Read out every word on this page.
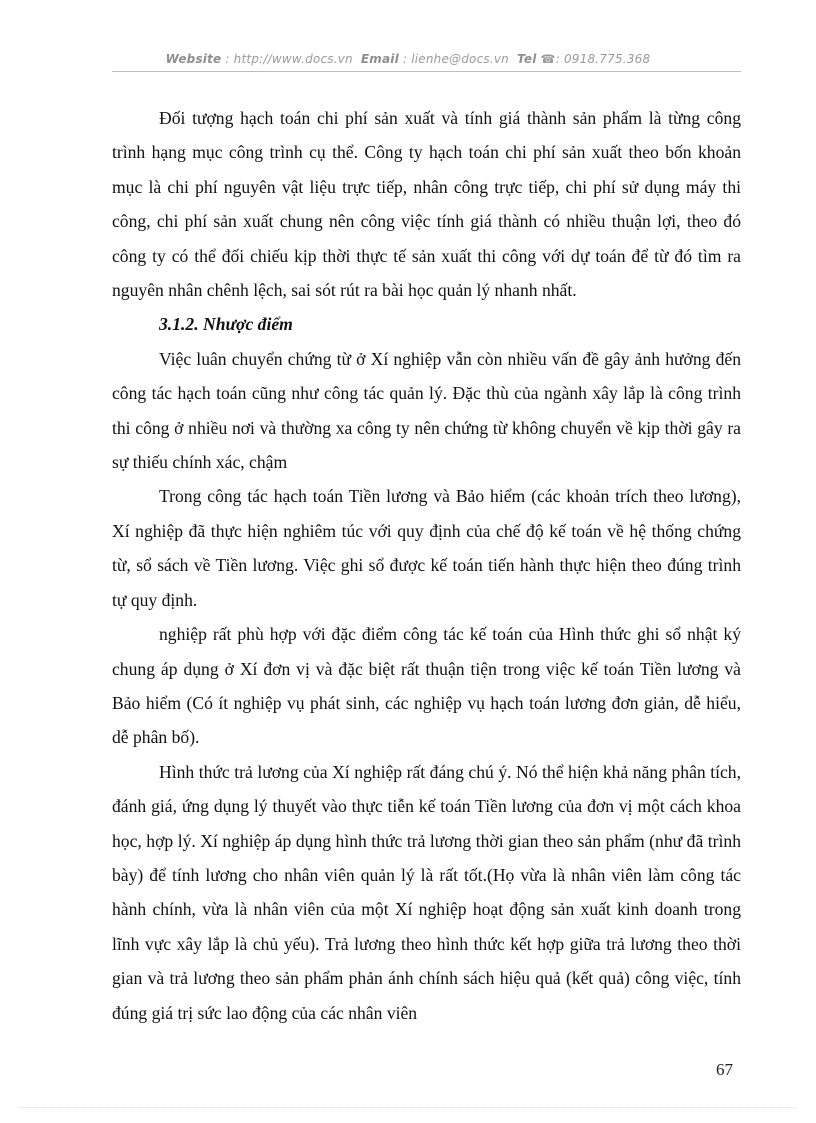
Website : http://www.docs.vn Email : lienhe@docs.vn Tel ☎: 0918.775.368

Đối tượng hạch toán chi phí sản xuất và tính giá thành sản phẩm là từng công trình hạng mục công trình cụ thể. Công ty hạch toán chi phí sản xuất theo bốn khoản mục là chi phí nguyên vật liệu trực tiếp, nhân công trực tiếp, chi phí sử dụng máy thi công, chi phí sản xuất chung nên công việc tính giá thành có nhiều thuận lợi, theo đó công ty có thể đối chiếu kịp thời thực tế sản xuất thi công với dự toán để từ đó tìm ra nguyên nhân chênh lệch, sai sót rút ra bài học quản lý nhanh nhất.

3.1.2. Nhược điểm

Việc luân chuyển chứng từ ở Xí nghiệp vẫn còn nhiều vấn đề gây ảnh hưởng đến công tác hạch toán cũng như công tác quản lý. Đặc thù của ngành xây lắp là công trình thi công ở nhiều nơi và thường xa công ty nên chứng từ không chuyển về kịp thời gây ra sự thiếu chính xác, chậm

Trong công tác hạch toán Tiền lương và Bảo hiểm (các khoản trích theo lương), Xí nghiệp đã thực hiện nghiêm túc với quy định của chế độ kế toán về hệ thống chứng từ, sổ sách về Tiền lương. Việc ghi sổ được kế toán tiến hành thực hiện theo đúng trình tự quy định.

nghiệp rất phù hợp với đặc điểm công tác kế toán của Hình thức ghi sổ nhật ký chung áp dụng ở Xí đơn vị và đặc biệt rất thuận tiện trong việc kế toán Tiền lương và Bảo hiểm (Có ít nghiệp vụ phát sinh, các nghiệp vụ hạch toán lương đơn giản, dễ hiểu, dễ phân bố).

Hình thức trả lương của Xí nghiệp rất đáng chú ý. Nó thể hiện khả năng phân tích, đánh giá, ứng dụng lý thuyết vào thực tiễn kế toán Tiền lương của đơn vị một cách khoa học, hợp lý. Xí nghiệp áp dụng hình thức trả lương thời gian theo sản phẩm (như đã trình bày) để tính lương cho nhân viên quản lý là rất tốt.(Họ vừa là nhân viên làm công tác hành chính, vừa là nhân viên của một Xí nghiệp hoạt động sản xuất kinh doanh trong lĩnh vực xây lắp là chủ yếu). Trả lương theo hình thức kết hợp giữa trả lương theo thời gian và trả lương theo sản phẩm phản ánh chính sách hiệu quả (kết quả) công việc, tính đúng giá trị sức lao động của các nhân viên

67
